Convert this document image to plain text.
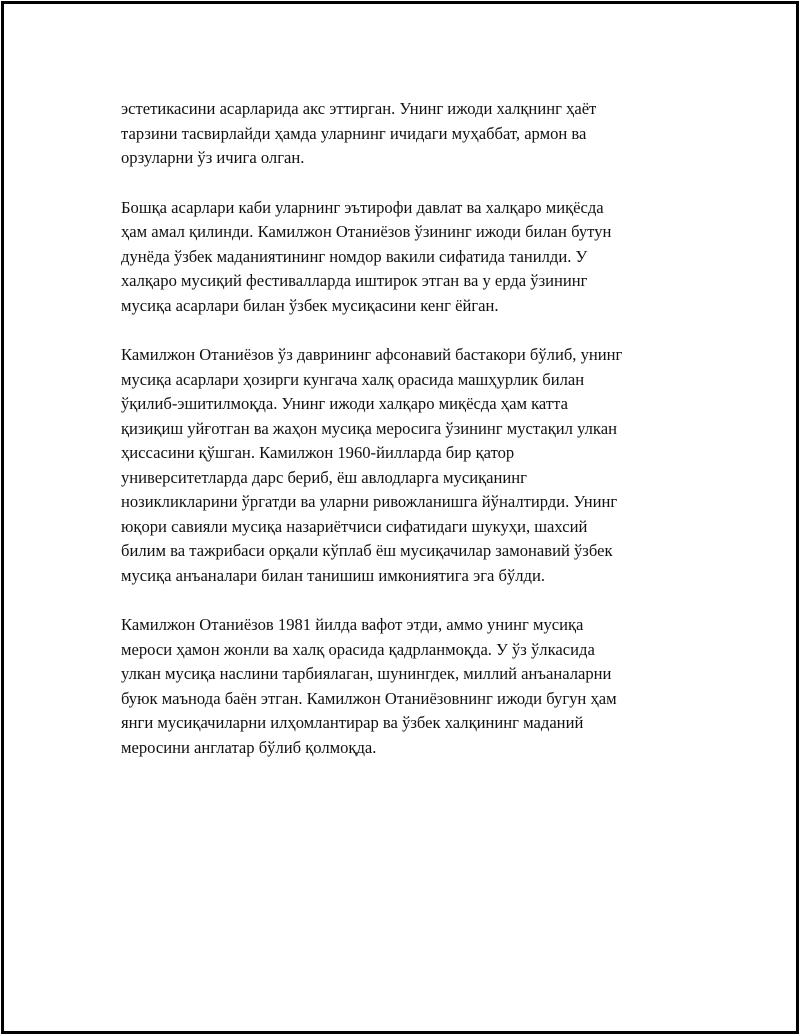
эстетикасини асарларида акс эттирган. Унинг ижоди халқнинг ҳаёт
тарзини тасвирлайди ҳамда уларнинг ичидаги муҳаббат, армон ва
орзуларни ўз ичига олган.

Бошқа асарлари каби уларнинг эътирофи давлат ва халқаро миқёсда
ҳам амал қилинди. Камилжон Отаниёзов ўзининг ижоди билан бутун
дунёда ўзбек маданиятининг номдор вакили сифатида танилди. У
халқаро мусиқий фестивалларда иштирок этган ва у ерда ўзининг
мусиқа асарлари билан ўзбек мусиқасини кенг ёйган.

Камилжон Отаниёзов ўз даврининг афсонавий бастакори бўлиб, унинг
мусиқа асарлари ҳозирги кунгача халқ орасида машҳурлик билан
ўқилиб-эшитилмоқда. Унинг ижоди халқаро миқёсда ҳам катта
қизиқиш уйғотган ва жаҳон мусиқа меросига ўзининг мустақил улкан
ҳиссасини қўшган. Камилжон 1960-йилларда бир қатор
университетларда дарс бериб, ёш авлодларга мусиқанинг
нозикликларини ўргатди ва уларни ривожланишга йўналтирди. Унинг
юқори савияли мусиқа назариётчиси сифатидаги шукуҳи, шахсий
билим ва тажрибаси орқали кўплаб ёш мусиқачилар замонавий ўзбек
мусиқа анъаналари билан танишиш имкониятига эга бўлди.

Камилжон Отаниёзов 1981 йилда вафот этди, аммо унинг мусиқа
мероси ҳамон жонли ва халқ орасида қадрланмоқда. У ўз ўлкасида
улкан мусиқа наслини тарбиялаган, шунингдек, миллий анъаналарни
буюк маънода баён этган. Камилжон Отаниёзовнинг ижоди бугун ҳам
янги мусиқачиларни илҳомлантирар ва ўзбек халқининг маданий
меросини англатар бўлиб қолмоқда.
